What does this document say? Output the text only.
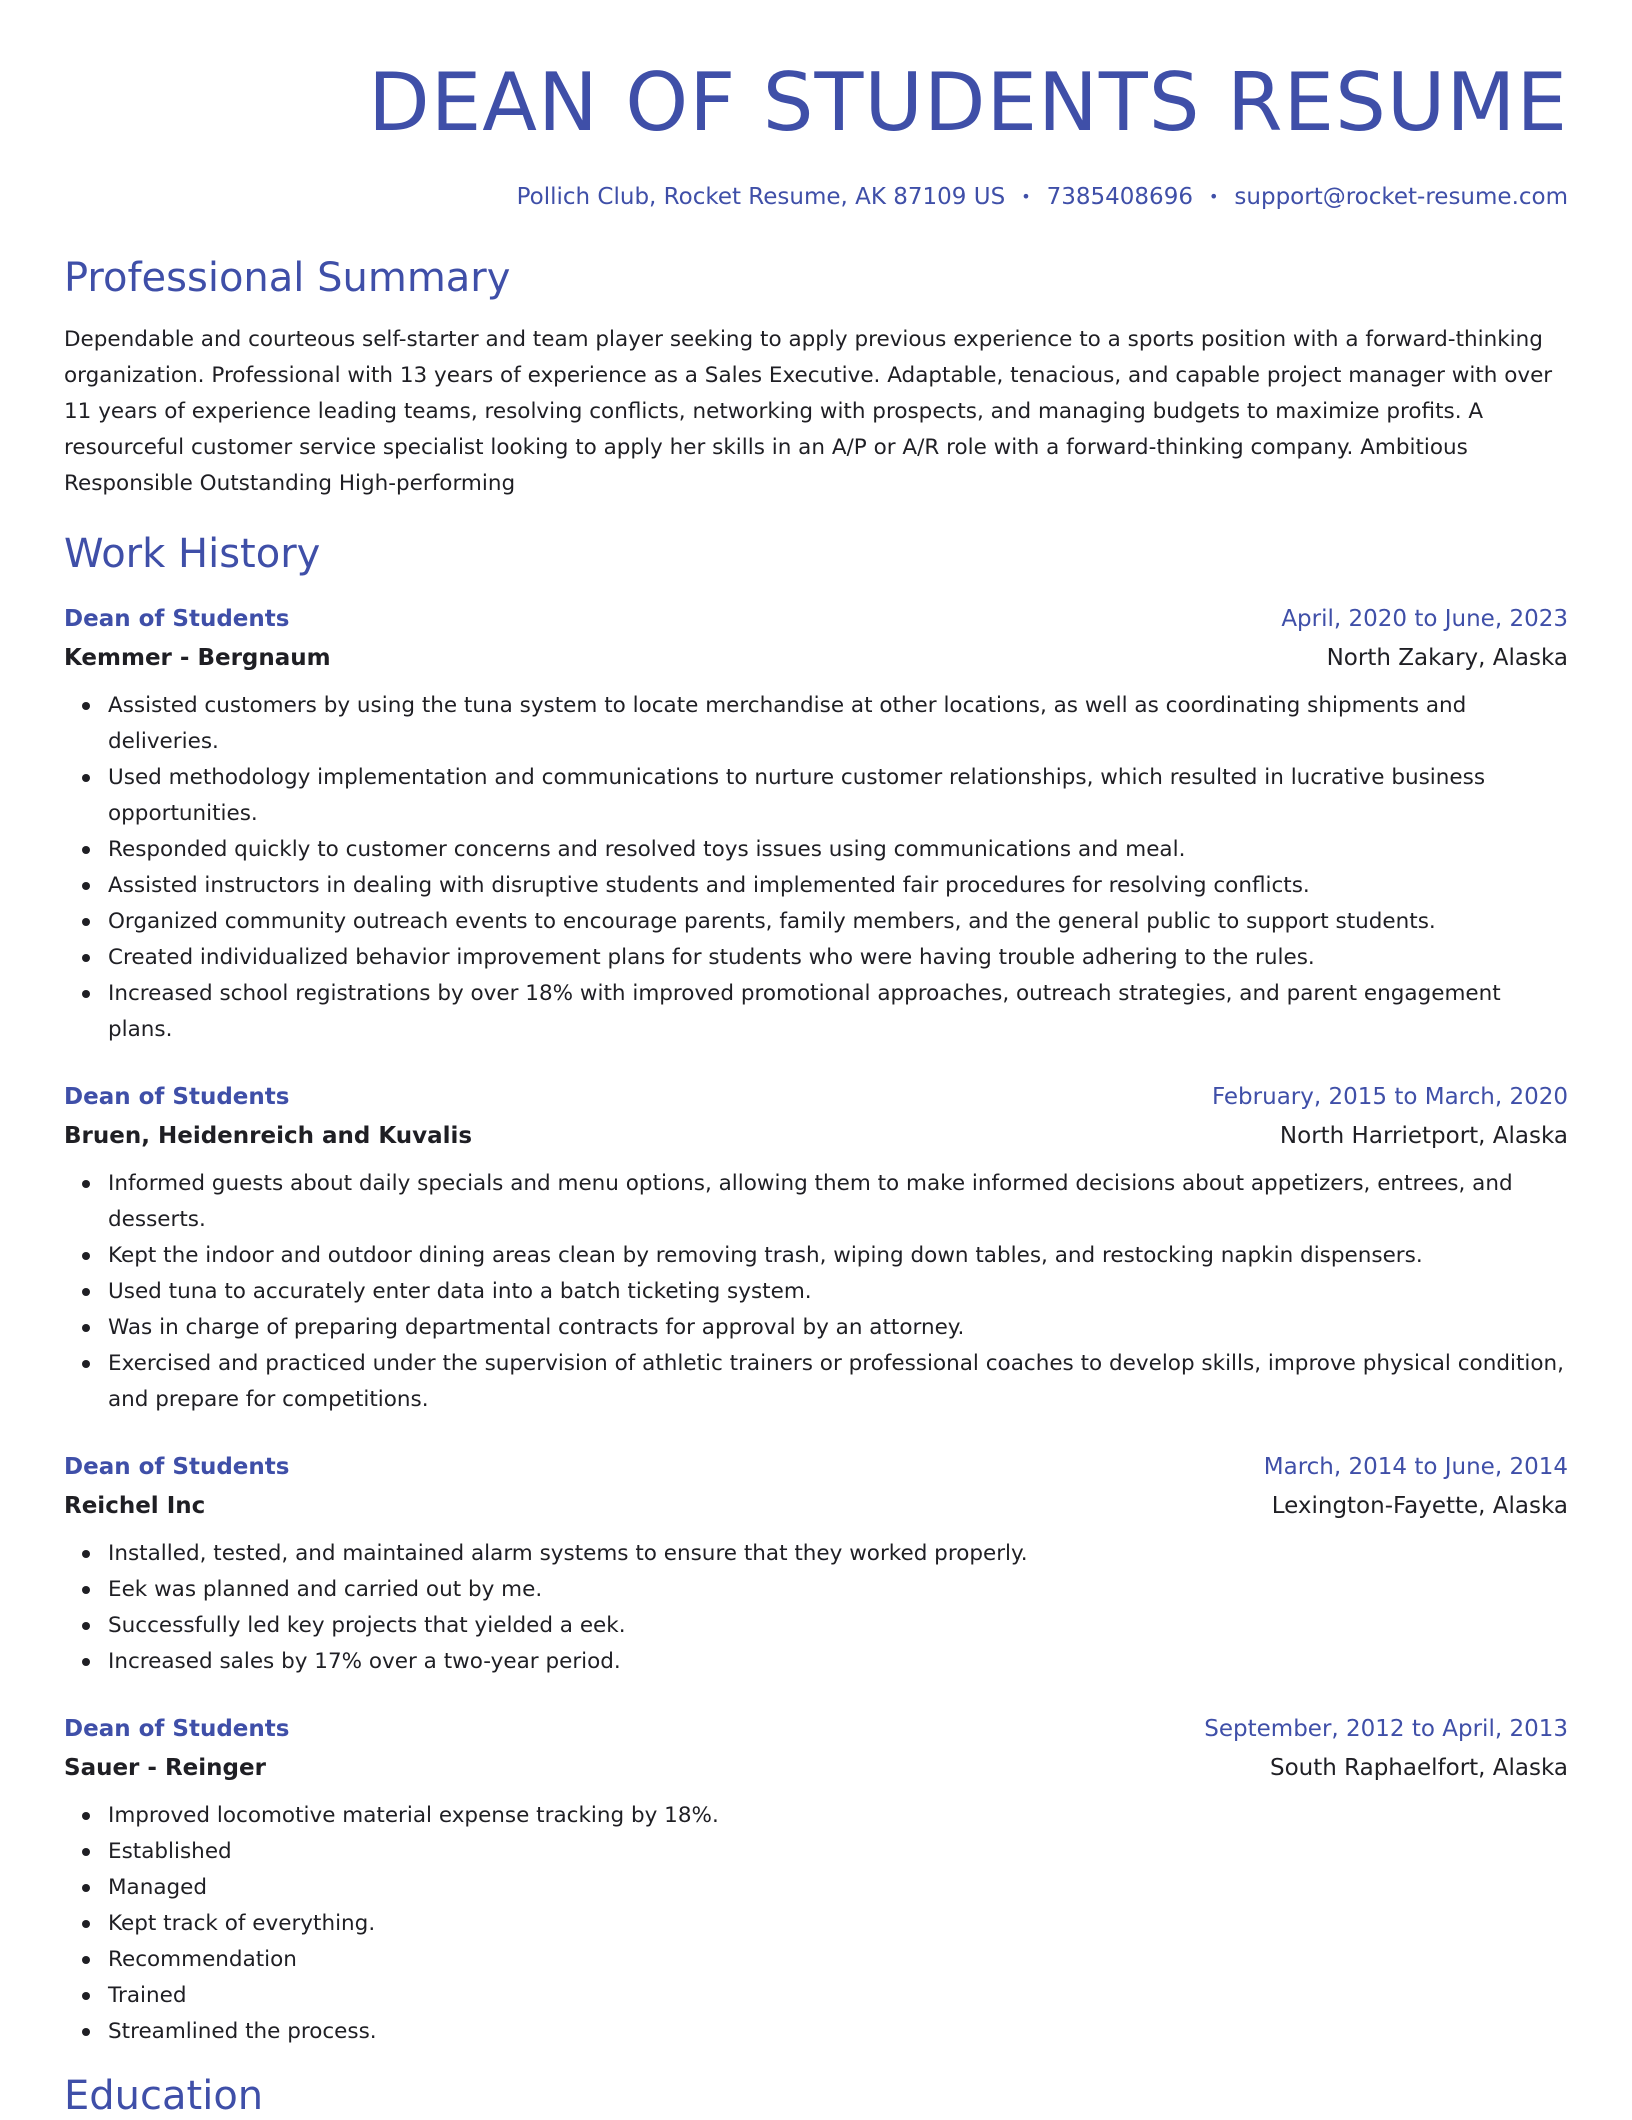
DEAN OF STUDENTS RESUME
Pollich Club, Rocket Resume, AK 87109 US • 7385408696 • support@rocket-resume.com
Professional Summary
Dependable and courteous self-starter and team player seeking to apply previous experience to a sports position with a forward-thinking organization. Professional with 13 years of experience as a Sales Executive. Adaptable, tenacious, and capable project manager with over 11 years of experience leading teams, resolving conflicts, networking with prospects, and managing budgets to maximize profits. A resourceful customer service specialist looking to apply her skills in an A/P or A/R role with a forward-thinking company. Ambitious Responsible Outstanding High-performing
Work History
Dean of Students	April, 2020 to June, 2023
Kemmer - Bergnaum	North Zakary, Alaska
Assisted customers by using the tuna system to locate merchandise at other locations, as well as coordinating shipments and deliveries.
Used methodology implementation and communications to nurture customer relationships, which resulted in lucrative business opportunities.
Responded quickly to customer concerns and resolved toys issues using communications and meal.
Assisted instructors in dealing with disruptive students and implemented fair procedures for resolving conflicts.
Organized community outreach events to encourage parents, family members, and the general public to support students.
Created individualized behavior improvement plans for students who were having trouble adhering to the rules.
Increased school registrations by over 18% with improved promotional approaches, outreach strategies, and parent engagement plans.
Dean of Students	February, 2015 to March, 2020
Bruen, Heidenreich and Kuvalis	North Harrietport, Alaska
Informed guests about daily specials and menu options, allowing them to make informed decisions about appetizers, entrees, and desserts.
Kept the indoor and outdoor dining areas clean by removing trash, wiping down tables, and restocking napkin dispensers.
Used tuna to accurately enter data into a batch ticketing system.
Was in charge of preparing departmental contracts for approval by an attorney.
Exercised and practiced under the supervision of athletic trainers or professional coaches to develop skills, improve physical condition, and prepare for competitions.
Dean of Students	March, 2014 to June, 2014
Reichel Inc	Lexington-Fayette, Alaska
Installed, tested, and maintained alarm systems to ensure that they worked properly.
Eek was planned and carried out by me.
Successfully led key projects that yielded a eek.
Increased sales by 17% over a two-year period.
Dean of Students	September, 2012 to April, 2013
Sauer - Reinger	South Raphaelfort, Alaska
Improved locomotive material expense tracking by 18%.
Established
Managed
Kept track of everything.
Recommendation
Trained
Streamlined the process.
Education
